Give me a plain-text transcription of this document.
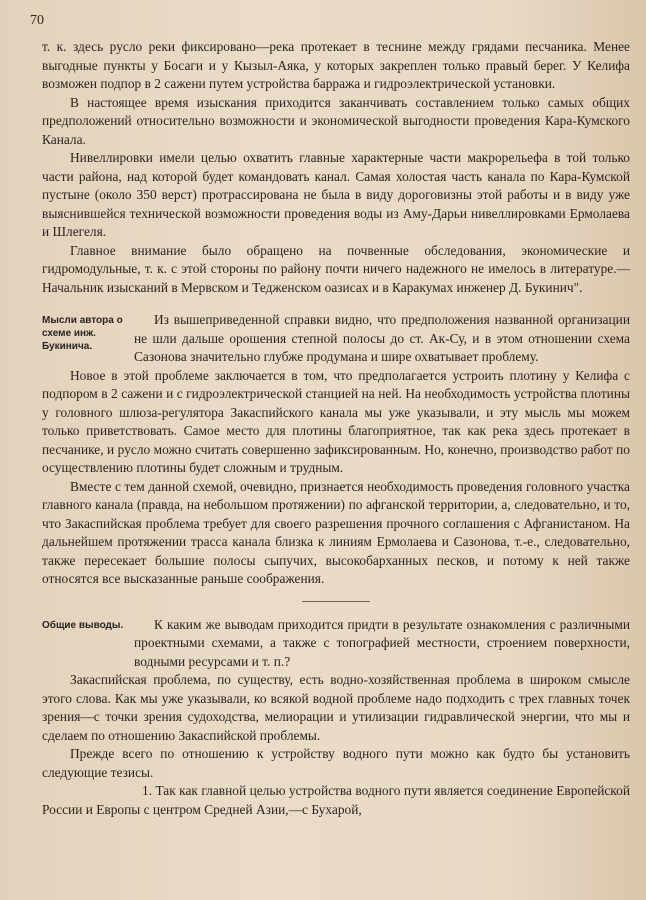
70

т. к. здесь русло реки фиксировано—река протекает в теснине между грядами песчаника. Менее выгодные пункты у Босаги и у Кызыл-Аяка, у которых закреплен только правый берег. У Келифа возможен подпор в 2 сажени путем устройства барража и гидроэлектрической установки.

В настоящее время изыскания приходится заканчивать составлением только самых общих предположений относительно возможности и экономической выгодности проведения Кара-Кумского Канала.

Нивеллировки имели целью охватить главные характерные части макрорельефа в той только части района, над которой будет командовать канал. Самая холостая часть канала по Кара-Кумской пустыне (около 350 верст) протрассирована не была в виду дороговизны этой работы и в виду уже выяснившейся технической возможности проведения воды из Аму-Дарьи нивеллировками Ермолаева и Шлегеля.

Главное внимание было обращено на почвенные обследования, экономические и гидромодульные, т. к. с этой стороны по району почти ничего надежного не имелось в литературе.—Начальник изысканий в Мервском и Тедженском оазисах и в Каракумах инженер Д. Букинич".

Мысли автора о схеме инж. Букинича.

Из вышеприведенной справки видно, что предположения названной организации не шли дальше орошения степной полосы до ст. Ак-Су, и в этом отношении схема Сазонова значительно глубже продумана и шире охватывает проблему.

Новое в этой проблеме заключается в том, что предполагается устроить плотину у Келифа с подпором в 2 сажени и с гидроэлектрической станцией на ней. На необходимость устройства плотины у головного шлюза-регулятора Закаспийского канала мы уже указывали, и эту мысль мы можем только приветствовать. Самое место для плотины благоприятное, так как река здесь протекает в песчанике, и русло можно считать совершенно зафиксированным. Но, конечно, производство работ по осуществлению плотины будет сложным и трудным.

Вместе с тем данной схемой, очевидно, признается необходимость проведения головного участка главного канала (правда, на небольшом протяжении) по афганской территории, а, следовательно, и то, что Закаспийская проблема требует для своего разрешения прочного соглашения с Афганистаном. На дальнейшем протяжении трасса канала близка к линиям Ермолаева и Сазонова, т.-е., следовательно, также пересекает большие полосы сыпучих, высокобарханных песков, и потому к ней также относятся все высказанные раньше соображения.

Общие выводы.	К каким же выводам приходится придти в результате ознакомления с различными проектными схемами, а также с топографией местности, строением поверхности, водными ресурсами и т. п.?

Закаспийская проблема, по существу, есть водно-хозяйственная проблема в широком смысле этого слова. Как мы уже указывали, ко всякой водной проблеме надо подходить с трех главных точек зрения—с точки зрения судоходства, мелиорации и утилизации гидравлической энергии, что мы и сделаем по отношению Закаспийской проблемы.

Прежде всего по отношению к устройству водного пути можно как будто бы установить следующие тезисы.

1. Так как главной целью устройства водного пути является соединение Европейской России и Европы с центром Средней Азии,—с Бухарой,
